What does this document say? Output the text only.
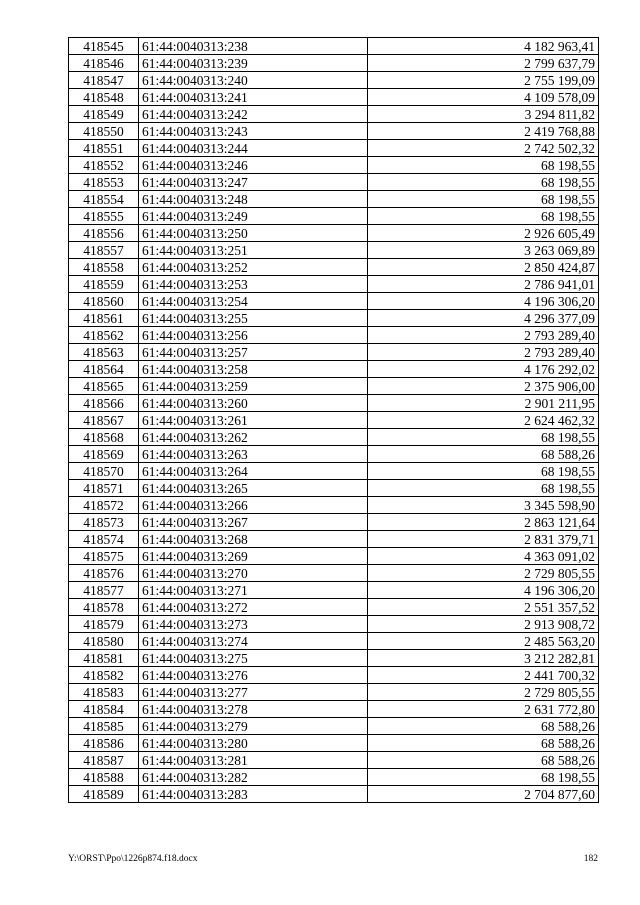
418545	61:44:0040313:238	4 182 963,41
418546	61:44:0040313:239	2 799 637,79
418547	61:44:0040313:240	2 755 199,09
418548	61:44:0040313:241	4 109 578,09
418549	61:44:0040313:242	3 294 811,82
418550	61:44:0040313:243	2 419 768,88
418551	61:44:0040313:244	2 742 502,32
418552	61:44:0040313:246	68 198,55
418553	61:44:0040313:247	68 198,55
418554	61:44:0040313:248	68 198,55
418555	61:44:0040313:249	68 198,55
418556	61:44:0040313:250	2 926 605,49
418557	61:44:0040313:251	3 263 069,89
418558	61:44:0040313:252	2 850 424,87
418559	61:44:0040313:253	2 786 941,01
418560	61:44:0040313:254	4 196 306,20
418561	61:44:0040313:255	4 296 377,09
418562	61:44:0040313:256	2 793 289,40
418563	61:44:0040313:257	2 793 289,40
418564	61:44:0040313:258	4 176 292,02
418565	61:44:0040313:259	2 375 906,00
418566	61:44:0040313:260	2 901 211,95
418567	61:44:0040313:261	2 624 462,32
418568	61:44:0040313:262	68 198,55
418569	61:44:0040313:263	68 588,26
418570	61:44:0040313:264	68 198,55
418571	61:44:0040313:265	68 198,55
418572	61:44:0040313:266	3 345 598,90
418573	61:44:0040313:267	2 863 121,64
418574	61:44:0040313:268	2 831 379,71
418575	61:44:0040313:269	4 363 091,02
418576	61:44:0040313:270	2 729 805,55
418577	61:44:0040313:271	4 196 306,20
418578	61:44:0040313:272	2 551 357,52
418579	61:44:0040313:273	2 913 908,72
418580	61:44:0040313:274	2 485 563,20
418581	61:44:0040313:275	3 212 282,81
418582	61:44:0040313:276	2 441 700,32
418583	61:44:0040313:277	2 729 805,55
418584	61:44:0040313:278	2 631 772,80
418585	61:44:0040313:279	68 588,26
418586	61:44:0040313:280	68 588,26
418587	61:44:0040313:281	68 588,26
418588	61:44:0040313:282	68 198,55
418589	61:44:0040313:283	2 704 877,60
Y:\ORST\Ppo\1226p874.f18.docx	182
